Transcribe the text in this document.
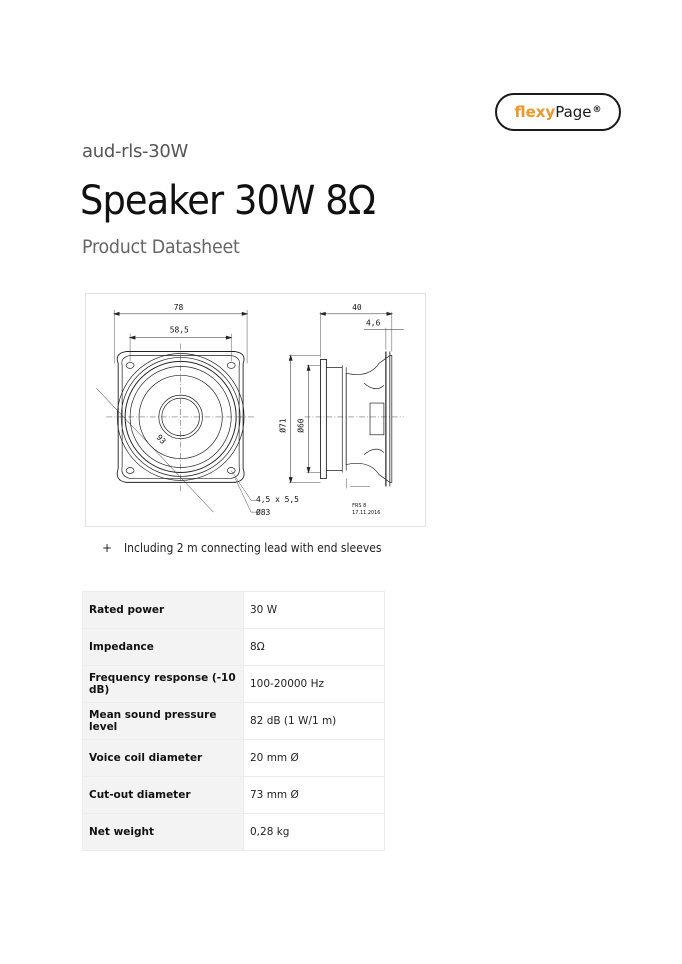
flexy Page®
aud-rls-30W
Speaker 30W 8Ω
Product Datasheet
78
58,5
93
40
4,6
Ø71 Ø60
4,5 x 5,5
Ø83
FRS 8
17.11.2016
+ Including 2 m connecting lead with end sleeves
Rated power	30 W
Impedance	8Ω
Frequency response (-10 dB)	100-20000 Hz
Mean sound pressure level	82 dB (1 W/1 m)
Voice coil diameter	20 mm Ø
Cut-out diameter	73 mm Ø
Net weight	0,28 kg
